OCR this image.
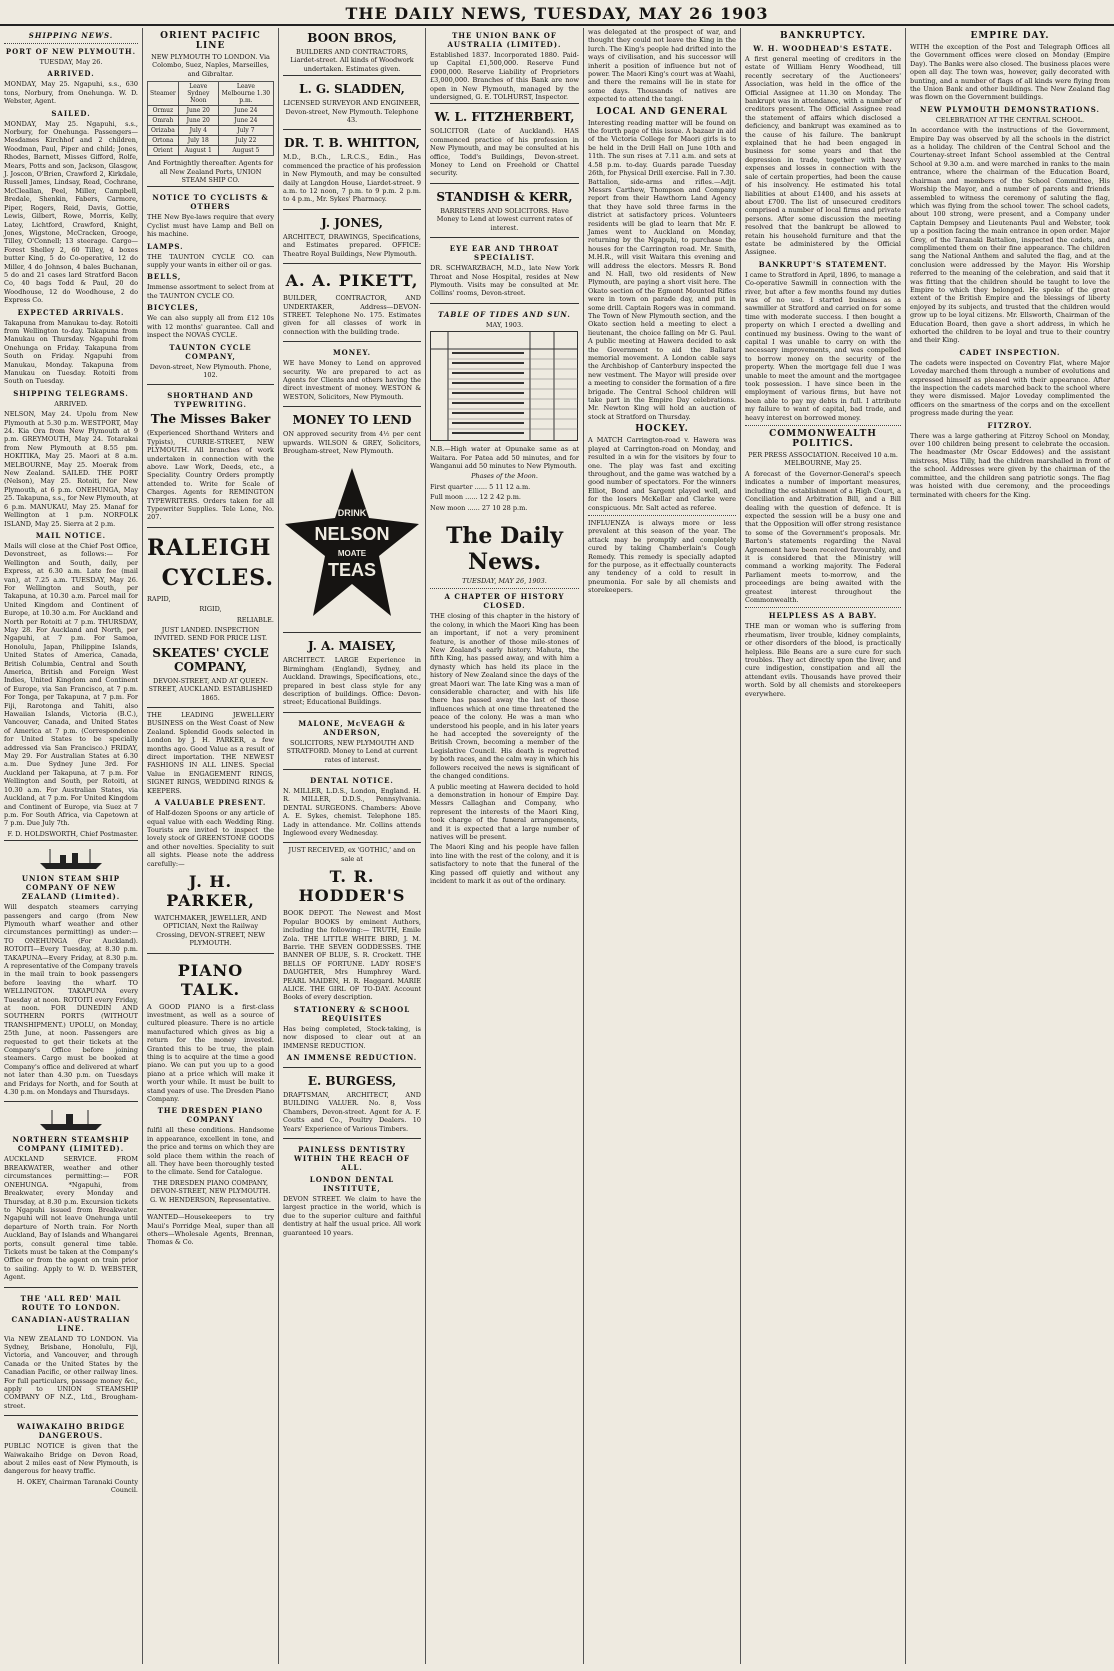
THE DAILY NEWS, TUESDAY, MAY 26 1903
SHIPPING NEWS.
PORT OF NEW PLYMOUTH.
TUESDAY, May 26.
ARRIVED.
MONDAY, May 25. Ngapuhi, s.s., 630 tons, Norbury, from Onehunga. W. D. Webster, Agent.
SAILED.
MONDAY, May 25. Ngapuhi, s.s., Norbury, for Onehunga. Passengers—Mesdames Kirchhof and 2 children, Woodman, Paul, Piper and child; Jones, Rhodes, Barnett, Misses Gifford, Rolfe, Mears, Potts and son, Jackson, Glasgow, J. Joscon, O'Brien, Crawford 2, Kirkdale, Russell James, Lindsay, Read, Cochrane, McCleallan, Peel, Miller, Campbell, Bredale, Shenkin, Fabers, Carmore, Piper, Rogers, Reid, Davis, Gottie, Lewis, Gilbert, Rowe, Morris, Kelly, Latey, Lichtford, Crawford, Knight, Jones, Wigstone, McCracken, Grooge, Tilley, O'Connell; 13 steerage. Cargo—Forest Shelley 2, 60 Tilley, 4 boxes butter King, 5 do Co-operative, 12 do Miller, 4 do Johnson, 4 bales Buchanan, 5 do and 21 cases lard Stratford Bacon Co, 40 bags Todd & Paul, 20 do Woodhouse, 12 do Woodhouse, 2 do Express Co.
EXPECTED ARRIVALS.
Takapuna from Manukau to-day. Rotoiti from Wellington to-day. Takapuna from Manukau on Thursday. Ngapuhi from Onehunga on Friday. Takapuna from South on Friday. Ngapuhi from Manukau, Monday. Takapuna from Manukau on Tuesday. Rotoiti from South on Tuesday.
SHIPPING TELEGRAMS.
ARRIVED.
NELSON, May 24. Upolu from New Plymouth at 5.30 p.m. WESTPORT, May 24. Kia Ora from New Plymouth at 9 p.m. GREYMOUTH, May 24. Totarakai from New Plymouth at 8.55 pm. HOKITIKA, May 25. Maori at 8 a.m. MELBOURNE, May 25. Moerak from New Zealand. SAILED. THE PORT (Nelson), May 25. Rotoiti, for New Plymouth, at 6 p.m. ONEHUNGA, May 25. Takapuna, s.s., for New Plymouth, at 6 p.m. MANUKAU, May 25. Manaf for Wellington at 1 p.m. NORFOLK ISLAND, May 25. Sierra at 2 p.m.
MAIL NOTICE.
Mails will close at the Chief Post Office, Devonstreet, as follows:— For Wellington and South, daily, per Express, at 6.30 a.m. Late fee (mail van), at 7.25 a.m. TUESDAY, May 26. For Wellington and South, per Takapuna, at 10.30 a.m. Parcel mail for United Kingdom and Continent of Europe, at 10.30 a.m. For Auckland and North per Rotoiti at 7 p.m. THURSDAY, May 28. For Auckland and North, per Ngapuhi, at 7 p.m. For Samoa, Honolulu, Japan, Philippine Islands, United States of America, Canada, British Columbia, Central and South America, British and Foreign West Indies, United Kingdom and Continent of Europe, via San Francisco, at 7 p.m. For Tonga, per Takapuna, at 7 p.m. For Fiji, Rarotonga and Tahiti, also Hawaiian Islands, Victoria (B.C.), Vancouver, Canada, and United States of America at 7 p.m. (Correspondence for United States to be specially addressed via San Francisco.) FRIDAY, May 29. For Australian States at 6.30 a.m. Due Sydney June 3rd. For Auckland per Takapuna, at 7 p.m. For Wellington and South, per Rotoiti, at 10.30 a.m. For Australian States, via Auckland, at 7 p.m. For United Kingdom and Continent of Europe, via Suez at 7 p.m. For South Africa, via Capetown at 7 p.m. Due July 7th.
F. D. HOLDSWORTH, Chief Postmaster.
UNION STEAM SHIP COMPANY OF NEW ZEALAND (Limited).
Will despatch steamers carrying passengers and cargo (from New Plymouth wharf weather and other circumstances permitting) as under:— TO ONEHUNGA (For Auckland). ROTOITI—Every Tuesday, at 8.30 p.m. TAKAPUNA—Every Friday, at 8.30 p.m. A representative of the Company travels in the mail train to book passengers before leaving the wharf. TO WELLINGTON. TAKAPUNA every Tuesday at noon. ROTOITI every Friday, at noon. FOR DUNEDIN AND SOUTHERN PORTS (WITHOUT TRANSHIPMENT.) UPOLU, on Monday, 25th June, at noon. Passengers are requested to get their tickets at the Company's Office before joining steamers. Cargo must be booked at Company's office and delivered at wharf not later than 4.30 p.m. on Tuesdays and Fridays for North, and for South at 4.30 p.m. on Mondays and Thursdays.
NORTHERN STEAMSHIP COMPANY (LIMITED).
AUCKLAND SERVICE. FROM BREAKWATER, weather and other circumstances permitting:— FOR ONEHUNGA. *Ngapuhi, from Breakwater, every Monday and Thursday, at 8.30 p.m. Excursion tickets to Ngapuhi issued from Breakwater. Ngapuhi will not leave Onehunga until departure of North train. For North Auckland, Bay of Islands and Whangarei ports, consult general time table. Tickets must be taken at the Company's Office or from the agent on train prior to sailing. Apply to W. D. WEBSTER, Agent.
THE 'ALL RED' MAIL ROUTE TO LONDON.
CANADIAN-AUSTRALIAN LINE.
Via NEW ZEALAND TO LONDON. Via Sydney, Brisbane, Honolulu, Fiji, Victoria, and Vancouver, and through Canada or the United States by the Canadian Pacific, or other railway lines. For full particulars, passage money &c., apply to UNION STEAMSHIP COMPANY OF N.Z., Ltd., Brougham-street.
WAIWAKAIHO BRIDGE DANGEROUS.
PUBLIC NOTICE is given that the Waiwakaiho Bridge on Devon Road, about 2 miles east of New Plymouth, is dangerous for heavy traffic.
H. OKEY, Chairman Taranaki County Council.
ORIENT PACIFIC LINE
NEW PLYMOUTH TO LONDON. Via Colombo, Suez, Naples, Marseilles, and Gibraltar.
Steamer	Leave Sydney Noon	Leave Melbourne 1.30 p.m.
Ormuz	June 20	June 24
Omrah	June 20	June 24
Orizaba	July 4	July 7
Ortona	July 18	July 22
Orient	August 1	August 5
And Fortnightly thereafter. Agents for all New Zealand Ports, UNION STEAM SHIP CO.
NOTICE TO CYCLISTS & OTHERS
THE New Bye-laws require that every Cyclist must have Lamp and Bell on his machine.
LAMPS.
THE TAUNTON CYCLE CO. can supply your wants in either oil or gas.
BELLS,
Immense assortment to select from at the TAUNTON CYCLE CO.
BICYCLES,
We can also supply all from £12 10s with 12 months' guarantee. Call and inspect the NOVAS CYCLE.
TAUNTON CYCLE COMPANY,
Devon-street, New Plymouth. Phone, 102.
SHORTHAND AND TYPEWRITING.
The Misses Baker
(Experienced Shorthand Writers and Typists), CURRIE-STREET, NEW PLYMOUTH. All branches of work undertaken in connection with the above. Law Work, Deeds, etc., a Speciality. Country Orders promptly attended to. Write for Scale of Charges. Agents for REMINGTON TYPEWRITERS. Orders taken for all Typewriter Supplies. Tele Lone, No. 207.
RALEIGH
CYCLES.
RAPID,
RIGID,
RELIABLE.
JUST LANDED. INSPECTION INVITED. SEND FOR PRICE LIST.
SKEATES' CYCLE COMPANY,
DEVON-STREET, AND AT QUEEN-STREET, AUCKLAND. ESTABLISHED 1865.
THE LEADING JEWELLERY BUSINESS on the West Coast of New Zealand. Splendid Goods selected in London by J. H. PARKER, a few months ago. Good Value as a result of direct importation. THE NEWEST FASHIONS IN ALL LINES. Special Value in ENGAGEMENT RINGS, SIGNET RINGS, WEDDING RINGS & KEEPERS.
A VALUABLE PRESENT.
of Half-dozen Spoons or any article of equal value with each Wedding Ring. Tourists are invited to inspect the lovely stock of GREENSTONE GOODS and other novelties. Speciality to suit all sights. Please note the address carefully:—
J. H. PARKER,
WATCHMAKER, JEWELLER, AND OPTICIAN, Next the Railway Crossing, DEVON-STREET, NEW PLYMOUTH.
PIANO TALK.
A GOOD PIANO is a first-class investment, as well as a source of cultured pleasure. There is no article manufactured which gives as big a return for the money invested. Granted this to be true, the plain thing is to acquire at the time a good piano. We can put you up to a good piano at a price which will make it worth your while. It must be built to stand years of use. The Dresden Piano Company.
THE DRESDEN PIANO COMPANY
fulfil all these conditions. Handsome in appearance, excellent in tone, and the price and terms on which they are sold place them within the reach of all. They have been thoroughly tested to the climate. Send for Catalogue.
THE DRESDEN PIANO COMPANY, DEVON-STREET, NEW PLYMOUTH. G. W. HENDERSON, Representative.
WANTED—Housekeepers to try Maui's Porridge Meal, super than all others—Wholesale Agents, Brennan, Thomas & Co.
BOON BROS,
BUILDERS AND CONTRACTORS, Liardet-street. All kinds of Woodwork undertaken. Estimates given.
L. G. SLADDEN,
LICENSED SURVEYOR AND ENGINEER, Devon-street, New Plymouth. Telephone 43.
DR. T. B. WHITTON,
M.D., B.Ch., L.R.C.S., Edin., Has commenced the practice of his profession in New Plymouth, and may be consulted daily at Langdon House, Liardet-street. 9 a.m. to 12 noon, 7 p.m. to 9 p.m. 2 p.m. to 4 p.m., Mr. Sykes' Pharmacy.
J. JONES,
ARCHITECT, DRAWINGS, Specifications, and Estimates prepared. OFFICE: Theatre Royal Buildings, New Plymouth.
A. A. PIKETT,
BUILDER, CONTRACTOR, AND UNDERTAKER, Address—DEVON-STREET. Telephone No. 175. Estimates given for all classes of work in connection with the building trade.
MONEY.
WE have Money to Lend on approved security. We are prepared to act as Agents for Clients and others having the direct investment of money. WESTON & WESTON, Solicitors, New Plymouth.
MONEY TO LEND
ON approved security from 4½ per cent upwards. WILSON & GREY, Solicitors, Brougham-street, New Plymouth.
DRINK
NELSON
MOATE
TEAS
J. A. MAISEY,
ARCHITECT. LARGE Experience in Birmingham (England), Sydney, and Auckland. Drawings, Specifications, etc., prepared in best class style for any description of buildings. Office: Devon-street; Educational Buildings.
MALONE, McVEAGH & ANDERSON,
SOLICITORS, NEW PLYMOUTH AND STRATFORD. Money to Lend at current rates of interest.
DENTAL NOTICE.
N. MILLER, L.D.S., London, England. H. R. MILLER, D.D.S., Pennsylvania. DENTAL SURGEONS. Chambers: Above A. E. Sykes, chemist. Telephone 185. Lady in attendance. Mr. Collins attends Inglewood every Wednesday.
JUST RECEIVED, ex 'GOTHIC,' and on sale at
T. R. HODDER'S
BOOK DEPOT. The Newest and Most Popular BOOKS by eminent Authors, including the following:— TRUTH, Emile Zola. THE LITTLE WHITE BIRD, J. M. Barrie. THE SEVEN GODDESSES. THE BANNER OF BLUE, S. R. Crockett. THE BELLS OF FORTUNE. LADY ROSE'S DAUGHTER, Mrs Humphrey Ward. PEARL MAIDEN, H. R. Haggard. MARIE ALICE. THE GIRL OF TO-DAY. Account Books of every description.
STATIONERY & SCHOOL REQUISITES
Has being completed, Stock-taking, is now disposed to clear out at an IMMENSE REDUCTION.
AN IMMENSE REDUCTION.
E. BURGESS,
DRAFTSMAN, ARCHITECT, AND BUILDING VALUER. No. 8, Voss Chambers, Devon-street. Agent for A. F. Coutts and Co., Poultry Dealers. 10 Years' Experience of Various Timbers.
PAINLESS DENTISTRY WITHIN THE REACH OF ALL.
LONDON DENTAL INSTITUTE,
DEVON STREET. We claim to have the largest practice in the world, which is due to the superior culture and faithful dentistry at half the usual price. All work guaranteed 10 years.
THE UNION BANK OF AUSTRALIA (LIMITED).
Established 1837. Incorporated 1880. Paid-up Capital £1,500,000. Reserve Fund £900,000. Reserve Liability of Proprietors £3,000,000. Branches of this Bank are now open in New Plymouth, managed by the undersigned, G. E. TOLHURST, Inspector.
W. L. FITZHERBERT,
SOLICITOR (Late of Auckland). HAS commenced practice of his profession in New Plymouth, and may be consulted at his office, Todd's Buildings, Devon-street. Money to Lend on Freehold or Chattel security.
STANDISH & KERR,
BARRISTERS AND SOLICITORS. Have Money to Lend at lowest current rates of interest.
EYE EAR AND THROAT SPECIALIST.
DR. SCHWARZBACH, M.D., late New York Throat and Nose Hospital, resides at New Plymouth. Visits may be consulted at Mr. Collins' rooms, Devon-street.
TABLE OF TIDES AND SUN.
MAY, 1903.
N.B.—High water at Opunake same as at Waitara. For Patea add 50 minutes, and for Wanganui add 50 minutes to New Plymouth.
Phases of the Moon.
First quarter ...... 5 11 12 a.m.
Full moon ...... 12 2 42 p.m.
New moon ...... 27 10 28 p.m.
The Daily News.
TUESDAY, MAY 26, 1903.
A CHAPTER OF HISTORY CLOSED.
THE closing of this chapter in the history of the colony, in which the Maori King has been an important, if not a very prominent feature, is another of those mile-stones of New Zealand's early history. Mahuta, the fifth King, has passed away, and with him a dynasty which has held its place in the history of New Zealand since the days of the great Maori war. The late King was a man of considerable character, and with his life there has passed away the last of those influences which at one time threatened the peace of the colony. He was a man who understood his people, and in his later years he had accepted the sovereignty of the British Crown, becoming a member of the Legislative Council. His death is regretted by both races, and the calm way in which his followers received the news is significant of the changed conditions.
A public meeting at Hawera decided to hold a demonstration in honour of Empire Day. Messrs Callaghan and Company, who represent the interests of the Maori King, took charge of the funeral arrangements, and it is expected that a large number of natives will be present.
The Maori King and his people have fallen into line with the rest of the colony, and it is satisfactory to note that the funeral of the King passed off quietly and without any incident to mark it as out of the ordinary.
was delegated at the prospect of war, and thought they could not leave the King in the lurch. The King's people had drifted into the ways of civilisation, and his successor will inherit a position of influence but not of power. The Maori King's court was at Waahi, and there the remains will lie in state for some days. Thousands of natives are expected to attend the tangi.
LOCAL AND GENERAL
Interesting reading matter will be found on the fourth page of this issue. A bazaar in aid of the Victoria College for Maori girls is to be held in the Drill Hall on June 10th and 11th. The sun rises at 7.11 a.m. and sets at 4.58 p.m. to-day. Guards parade Tuesday 26th, for Physical Drill exercise. Fall in 7.30. Battalion, side-arms and rifles.—Adjt. Messrs Carthew, Thompson and Company report from their Hawthorn Land Agency that they have sold three farms in the district at satisfactory prices. Volunteers residents will be glad to learn that Mr. F. James went to Auckland on Monday, returning by the Ngapuhi, to purchase the houses for the Carrington road. Mr. Smith, M.H.R., will visit Waitara this evening and will address the electors. Messrs R. Bond and N. Hall, two old residents of New Plymouth, are paying a short visit here. The Okato section of the Egmont Mounted Rifles were in town on parade day, and put in some drill. Captain Rogers was in command. The Town of New Plymouth section, and the Okato section held a meeting to elect a lieutenant, the choice falling on Mr G. Paul. A public meeting at Hawera decided to ask the Government to aid the Ballarat memorial movement. A London cable says the Archbishop of Canterbury inspected the new vestment. The Mayor will preside over a meeting to consider the formation of a fire brigade. The Central School children will take part in the Empire Day celebrations. Mr. Newton King will hold an auction of stock at Stratford on Thursday.
HOCKEY.
A MATCH Carrington-road v. Hawera was played at Carrington-road on Monday, and resulted in a win for the visitors by four to one. The play was fast and exciting throughout, and the game was watched by a good number of spectators. For the winners Elliot, Bond and Sargent played well, and for the losers McKellar and Clarke were conspicuous. Mr. Salt acted as referee.
INFLUENZA is always more or less prevalent at this season of the year. The attack may be promptly and completely cured by taking Chamberlain's Cough Remedy. This remedy is specially adapted for the purpose, as it effectually counteracts any tendency of a cold to result in pneumonia. For sale by all chemists and storekeepers.
BANKRUPTCY.
W. H. WOODHEAD'S ESTATE.
A first general meeting of creditors in the estate of William Henry Woodhead, till recently secretary of the Auctioneers' Association, was held in the office of the Official Assignee at 11.30 on Monday. The bankrupt was in attendance, with a number of creditors present. The Official Assignee read the statement of affairs which disclosed a deficiency, and bankrupt was examined as to the cause of his failure. The bankrupt explained that he had been engaged in business for some years and that the depression in trade, together with heavy expenses and losses in connection with the sale of certain properties, had been the cause of his insolvency. He estimated his total liabilities at about £1400, and his assets at about £700. The list of unsecured creditors comprised a number of local firms and private persons. After some discussion the meeting resolved that the bankrupt be allowed to retain his household furniture and that the estate be administered by the Official Assignee.
BANKRUPT'S STATEMENT.
I came to Stratford in April, 1896, to manage a Co-operative Sawmill in connection with the river, but after a few months found my duties was of no use. I started business as a sawmiller at Stratford and carried on for some time with moderate success. I then bought a property on which I erected a dwelling and continued my business. Owing to the want of capital I was unable to carry on with the necessary improvements, and was compelled to borrow money on the security of the property. When the mortgage fell due I was unable to meet the amount and the mortgagee took possession. I have since been in the employment of various firms, but have not been able to pay my debts in full. I attribute my failure to want of capital, bad trade, and heavy interest on borrowed money.
COMMONWEALTH POLITICS.
PER PRESS ASSOCIATION. Received 10 a.m. MELBOURNE, May 25.
A forecast of the Governor-General's speech indicates a number of important measures, including the establishment of a High Court, a Conciliation and Arbitration Bill, and a Bill dealing with the question of defence. It is expected the session will be a busy one and that the Opposition will offer strong resistance to some of the Government's proposals. Mr. Barton's statements regarding the Naval Agreement have been received favourably, and it is considered that the Ministry will command a working majority. The Federal Parliament meets to-morrow, and the proceedings are being awaited with the greatest interest throughout the Commonwealth.
HELPLESS AS A BABY.
THE man or woman who is suffering from rheumatism, liver trouble, kidney complaints, or other disorders of the blood, is practically helpless. Bile Beans are a sure cure for such troubles. They act directly upon the liver, and cure indigestion, constipation and all the attendant evils. Thousands have proved their worth. Sold by all chemists and storekeepers everywhere.
EMPIRE DAY.
WITH the exception of the Post and Telegraph Offices all the Government offices were closed on Monday (Empire Day). The Banks were also closed. The business places were open all day. The town was, however, gaily decorated with bunting, and a number of flags of all kinds were flying from the Union Bank and other buildings. The New Zealand flag was flown on the Government buildings.
NEW PLYMOUTH DEMONSTRATIONS.
CELEBRATION AT THE CENTRAL SCHOOL.
In accordance with the instructions of the Government, Empire Day was observed by all the schools in the district as a holiday. The children of the Central School and the Courtenay-street Infant School assembled at the Central School at 9.30 a.m. and were marched in ranks to the main entrance, where the chairman of the Education Board, chairman and members of the School Committee, His Worship the Mayor, and a number of parents and friends assembled to witness the ceremony of saluting the flag, which was flying from the school tower. The school cadets, about 100 strong, were present, and a Company under Captain Dempsey and Lieutenants Paul and Webster, took up a position facing the main entrance in open order. Major Grey, of the Taranaki Battalion, inspected the cadets, and complimented them on their fine appearance. The children sang the National Anthem and saluted the flag, and at the conclusion were addressed by the Mayor. His Worship referred to the meaning of the celebration, and said that it was fitting that the children should be taught to love the Empire to which they belonged. He spoke of the great extent of the British Empire and the blessings of liberty enjoyed by its subjects, and trusted that the children would grow up to be loyal citizens. Mr. Ellsworth, Chairman of the Education Board, then gave a short address, in which he exhorted the children to be loyal and true to their country and their King.
CADET INSPECTION.
The cadets were inspected on Coventry Flat, where Major Loveday marched them through a number of evolutions and expressed himself as pleased with their appearance. After the inspection the cadets marched back to the school where they were dismissed. Major Loveday complimented the officers on the smartness of the corps and on the excellent progress made during the year.
FITZROY.
There was a large gathering at Fitzroy School on Monday, over 100 children being present to celebrate the occasion. The headmaster (Mr Oscar Eddowes) and the assistant mistress, Miss Tilly, had the children marshalled in front of the school. Addresses were given by the chairman of the committee, and the children sang patriotic songs. The flag was hoisted with due ceremony, and the proceedings terminated with cheers for the King.
